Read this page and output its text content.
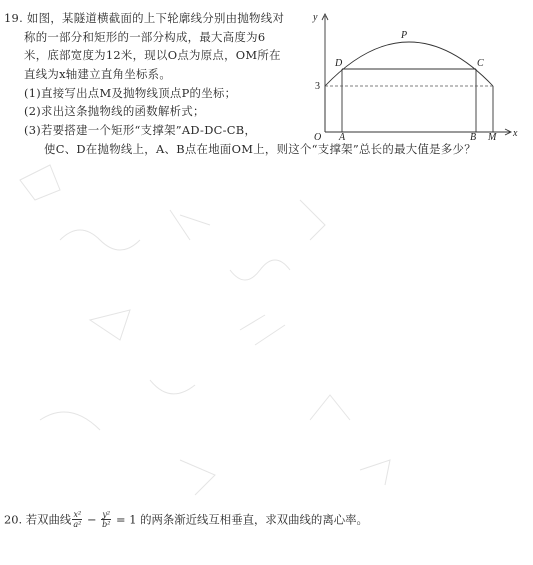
19. 如图，某隧道横截面的上下轮廓线分别由抛物线对
称的一部分和矩形的一部分构成，最大高度为6
米，底部宽度为12米，现以O点为原点，OM所在
直线为x轴建立直角坐标系。
(1)直接写出点M及抛物线顶点P的坐标；
(2)求出这条抛物线的函数解析式；
(3)若要搭建一个矩形“支撑架”AD-DC-CB，
使C、D在抛物线上，A、B点在地面OM上，则这个“支撑架”总长的最大值是多少？
y
x
O A	B M
D	C
P
3
20. 若双曲线 $\frac{\text{x²}}{\text{a²}} - \frac{\text{y²}}{\text{b²}} = 1$ 的两条渐近线互相垂直，求双曲线的离心率。
